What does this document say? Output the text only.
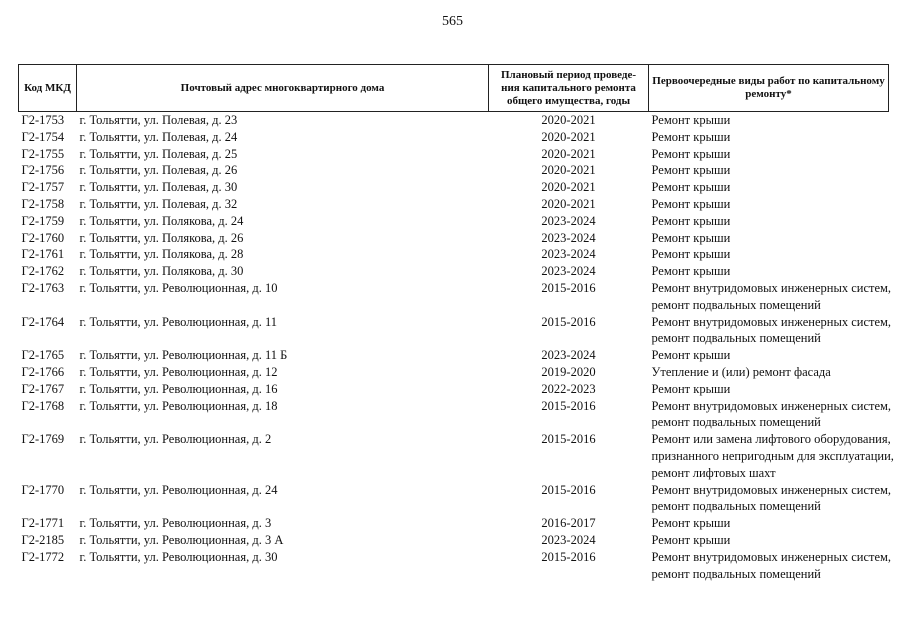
565
Код МКД	Почтовый адрес многоквартирного дома	Плановый период проведе-ния капитального ремонта общего имущества, годы	Первоочередные виды работ по капитальному ремонту*
Г2-1753	г. Тольятти, ул. Полевая, д. 23	2020-2021	Ремонт крыши

Г2-1754	г. Тольятти, ул. Полевая, д. 24	2020-2021	Ремонт крыши

Г2-1755	г. Тольятти, ул. Полевая, д. 25	2020-2021	Ремонт крыши

Г2-1756	г. Тольятти, ул. Полевая, д. 26	2020-2021	Ремонт крыши

Г2-1757	г. Тольятти, ул. Полевая, д. 30	2020-2021	Ремонт крыши

Г2-1758	г. Тольятти, ул. Полевая, д. 32	2020-2021	Ремонт крыши

Г2-1759	г. Тольятти, ул. Полякова, д. 24	2023-2024	Ремонт крыши

Г2-1760	г. Тольятти, ул. Полякова, д. 26	2023-2024	Ремонт крыши

Г2-1761	г. Тольятти, ул. Полякова, д. 28	2023-2024	Ремонт крыши

Г2-1762	г. Тольятти, ул. Полякова, д. 30	2023-2024	Ремонт крыши

Г2-1763	г. Тольятти, ул. Революционная, д. 10	2015-2016	Ремонт внутридомовых инженерных систем,
ремонт подвальных помещений

Г2-1764	г. Тольятти, ул. Революционная, д. 11	2015-2016	Ремонт внутридомовых инженерных систем,
ремонт подвальных помещений

Г2-1765	г. Тольятти, ул. Революционная, д. 11 Б	2023-2024	Ремонт крыши

Г2-1766	г. Тольятти, ул. Революционная, д. 12	2019-2020	Утепление и (или) ремонт фасада

Г2-1767	г. Тольятти, ул. Революционная, д. 16	2022-2023	Ремонт крыши

Г2-1768	г. Тольятти, ул. Революционная, д. 18	2015-2016	Ремонт внутридомовых инженерных систем,
ремонт подвальных помещений

Г2-1769	г. Тольятти, ул. Революционная, д. 2	2015-2016	Ремонт или замена лифтового оборудования,
признанного непригодным для эксплуатации,
ремонт лифтовых шахт

Г2-1770	г. Тольятти, ул. Революционная, д. 24	2015-2016	Ремонт внутридомовых инженерных систем,
ремонт подвальных помещений

Г2-1771	г. Тольятти, ул. Революционная, д. 3	2016-2017	Ремонт крыши

Г2-2185	г. Тольятти, ул. Революционная, д. 3 А	2023-2024	Ремонт крыши

Г2-1772	г. Тольятти, ул. Революционная, д. 30	2015-2016	Ремонт внутридомовых инженерных систем,
ремонт подвальных помещений
